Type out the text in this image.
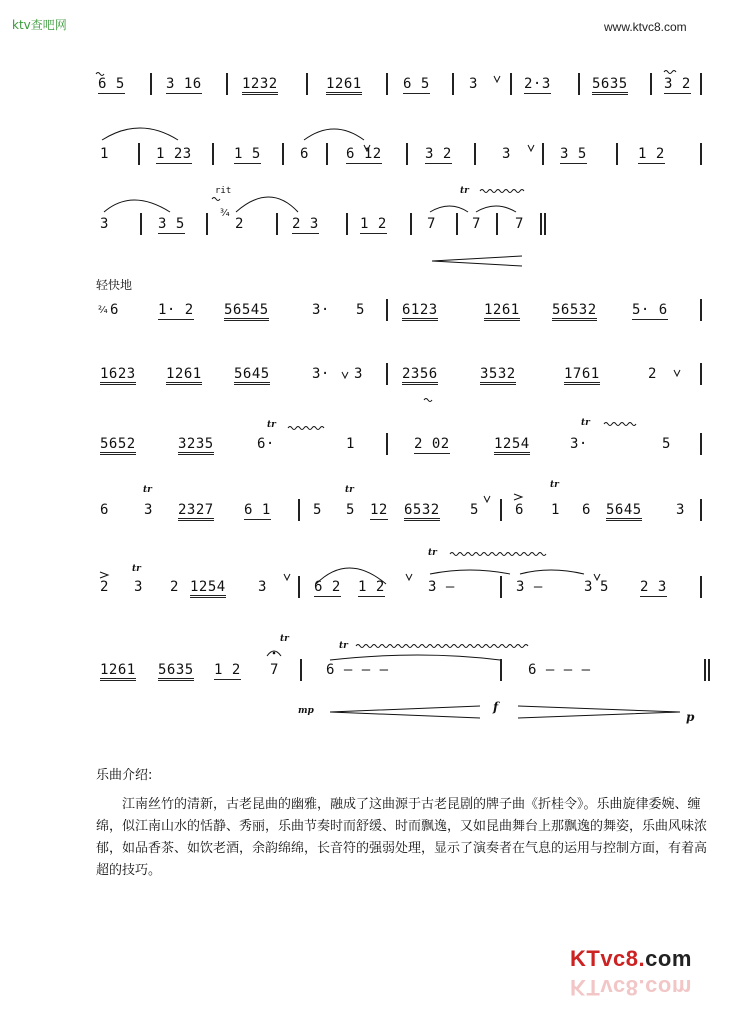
ktv查吧网	www.ktvc8.com
6 5	3 16	1232	1261	6 5	3	2·3	5635	3 2
1	1 23	1 5	6	6 12	3 2	3	3 5	1 2
3	3 5	2	2 3	1 2	7	7 7
6	1· 2 56545	3· 5	6123	1261 56532	5· 6
1623 1261 5645	3· 3	2356	3532	1761	2
5652	3235	6·	1	2 02	1254	3·	5
6	3 2327 6 1	5 5 12 6532 5	6 1 6 5645 3
2 3 2 1254 3	6 2 1 2	3 –	3 –	3 5 2 3
1261 5635 1 2 7	6 – – –	6 – – –
轻快地
rit	tr
tr	tr
tr	tr	tr
tr
tr
tr
tr
mp	f
p
²⁄₄
³⁄₄
乐曲介绍:
江南丝竹的清新，古老昆曲的幽雅，融成了这曲源于古老昆剧的牌子曲《折桂令》。乐曲旋律委婉、缠绵，似江南山水的恬静、秀丽，乐曲节奏时而舒缓、时而飘逸，又如昆曲舞台上那飘逸的舞姿，乐曲风味浓郁，如品香茶、如饮老酒，余韵绵绵，长音符的强弱处理，显示了演奏者在气息的运用与控制方面，有着高超的技巧。
KTvc8.com
KTvc8.com
